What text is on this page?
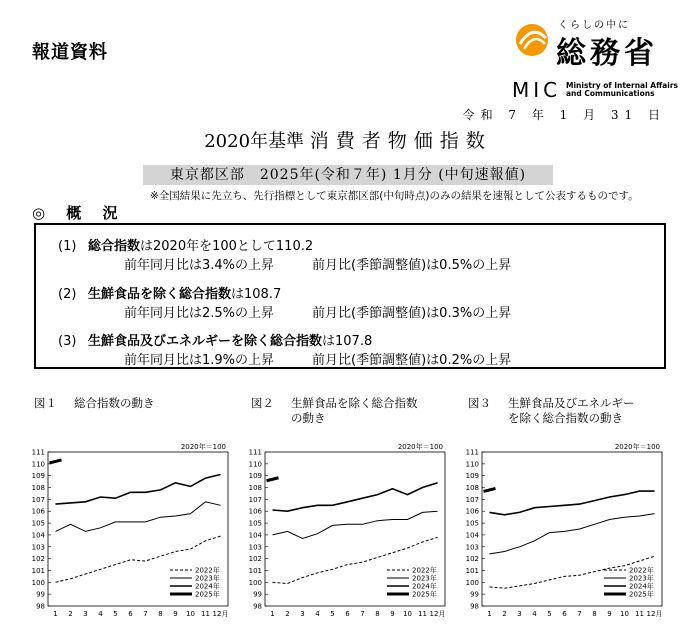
報道資料
くらしの中に
総務省
MIC Ministry of Internal Affairs
and Communications
令和 7 年 1 月 31 日
2020年基準 消費者物価指数
東京都区部　2025年(令和７年) 1月分 (中旬速報値)
※全国結果に先立ち、先行指標として東京都区部(中旬時点)のみの結果を速報として公表するものです。
◎ 概 況
(1) 総合指数は2020年を100として110.2
前年同月比は3.4%の上昇	前月比(季節調整値)は0.5%の上昇
(2) 生鮮食品を除く総合指数は108.7
前年同月比は2.5%の上昇	前月比(季節調整値)は0.3%の上昇
(3) 生鮮食品及びエネルギーを除く総合指数は107.8
前年同月比は1.9%の上昇	前月比(季節調整値)は0.2%の上昇
図１ 総合指数の動き	図２ 生鮮食品を除く総合指数
の動き
図３ 生鮮食品及びエネルギー
を除く総合指数の動き
2020年＝100
98
99
100
101
102
103
104
105
106
107
108
109
110
111
1 2 3 4 5 6 7 8 9 10 11 12月
2022年
2023年
2024年
2025年
2020年＝100
98
99
100
101
102
103
104
105
106
107
108
109
110
111
1 2 3 4 5 6 7 8 9 10 11 12月
2022年
2023年
2024年
2025年
2020年＝100
98
99
100
101
102
103
104
105
106
107
108
109
110
111
1 2 3 4 5 6 7 8 9 10 11 12月
2022年
2023年
2024年
2025年
